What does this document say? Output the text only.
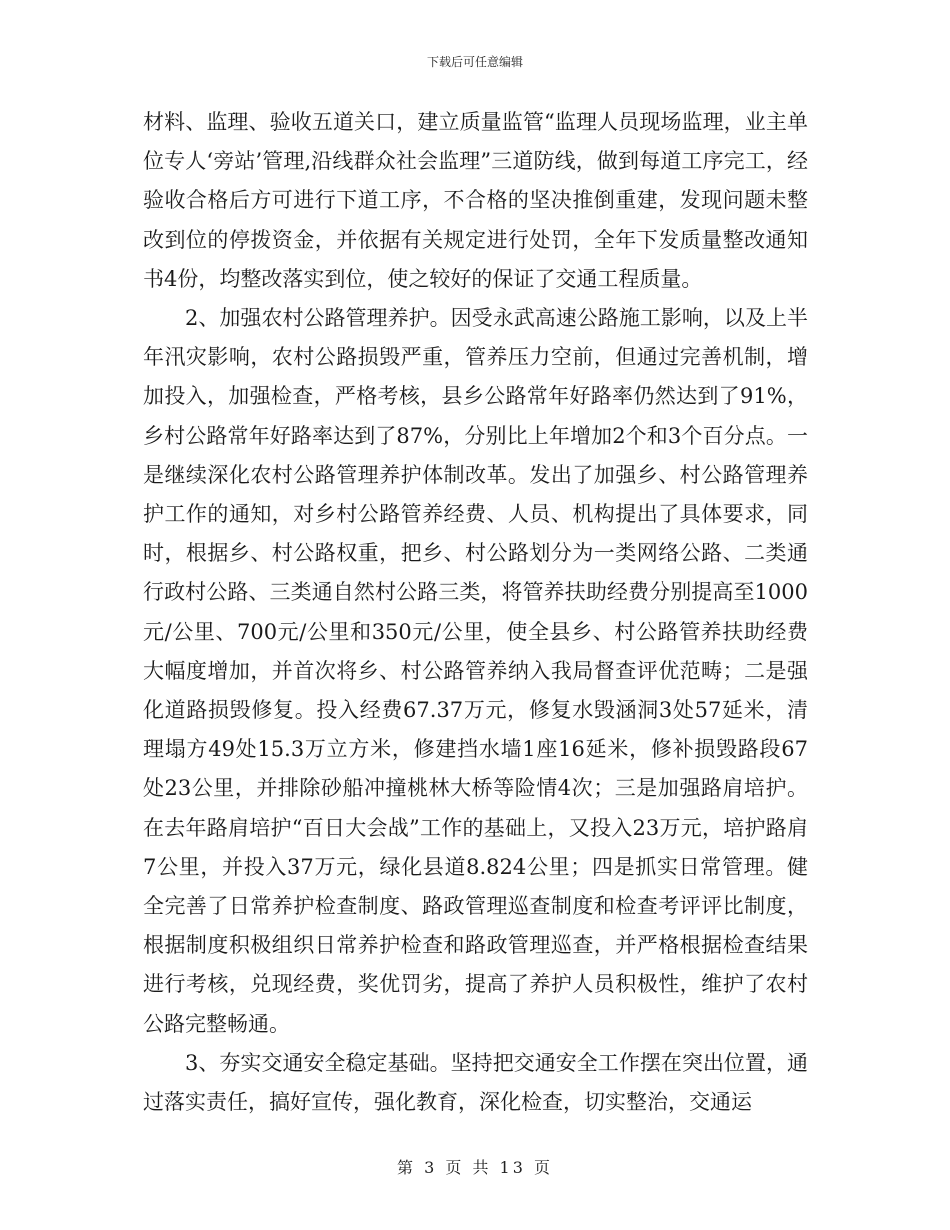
下载后可任意编辑

材料、监理、验收五道关口，建立质量监管“监理人员现场监理，业主单位专人‘旁站’管理,沿线群众社会监理”三道防线，做到每道工序完工，经验收合格后方可进行下道工序，不合格的坚决推倒重建，发现问题未整改到位的停拨资金，并依据有关规定进行处罚，全年下发质量整改通知书4份，均整改落实到位，使之较好的保证了交通工程质量。

2、加强农村公路管理养护。因受永武高速公路施工影响，以及上半年汛灾影响，农村公路损毁严重，管养压力空前，但通过完善机制，增加投入，加强检查，严格考核，县乡公路常年好路率仍然达到了91%，乡村公路常年好路率达到了87%，分别比上年增加2个和3个百分点。一是继续深化农村公路管理养护体制改革。发出了加强乡、村公路管理养护工作的通知，对乡村公路管养经费、人员、机构提出了具体要求，同时，根据乡、村公路权重，把乡、村公路划分为一类网络公路、二类通行政村公路、三类通自然村公路三类，将管养扶助经费分别提高至1000元/公里、700元/公里和350元/公里，使全县乡、村公路管养扶助经费大幅度增加，并首次将乡、村公路管养纳入我局督查评优范畴；二是强化道路损毁修复。投入经费67.37万元，修复水毁涵洞3处57延米，清理塌方49处15.3万立方米，修建挡水墙1座16延米，修补损毁路段67处23公里，并排除砂船冲撞桃林大桥等险情4次；三是加强路肩培护。在去年路肩培护“百日大会战”工作的基础上，又投入23万元，培护路肩7公里，并投入37万元，绿化县道8.824公里；四是抓实日常管理。健全完善了日常养护检查制度、路政管理巡查制度和检查考评评比制度，根据制度积极组织日常养护检查和路政管理巡查，并严格根据检查结果进行考核，兑现经费，奖优罚劣，提高了养护人员积极性，维护了农村公路完整畅通。

3、夯实交通安全稳定基础。坚持把交通安全工作摆在突出位置，通过落实责任，搞好宣传，强化教育，深化检查，切实整治，交通运

第 3 页 共 13 页
